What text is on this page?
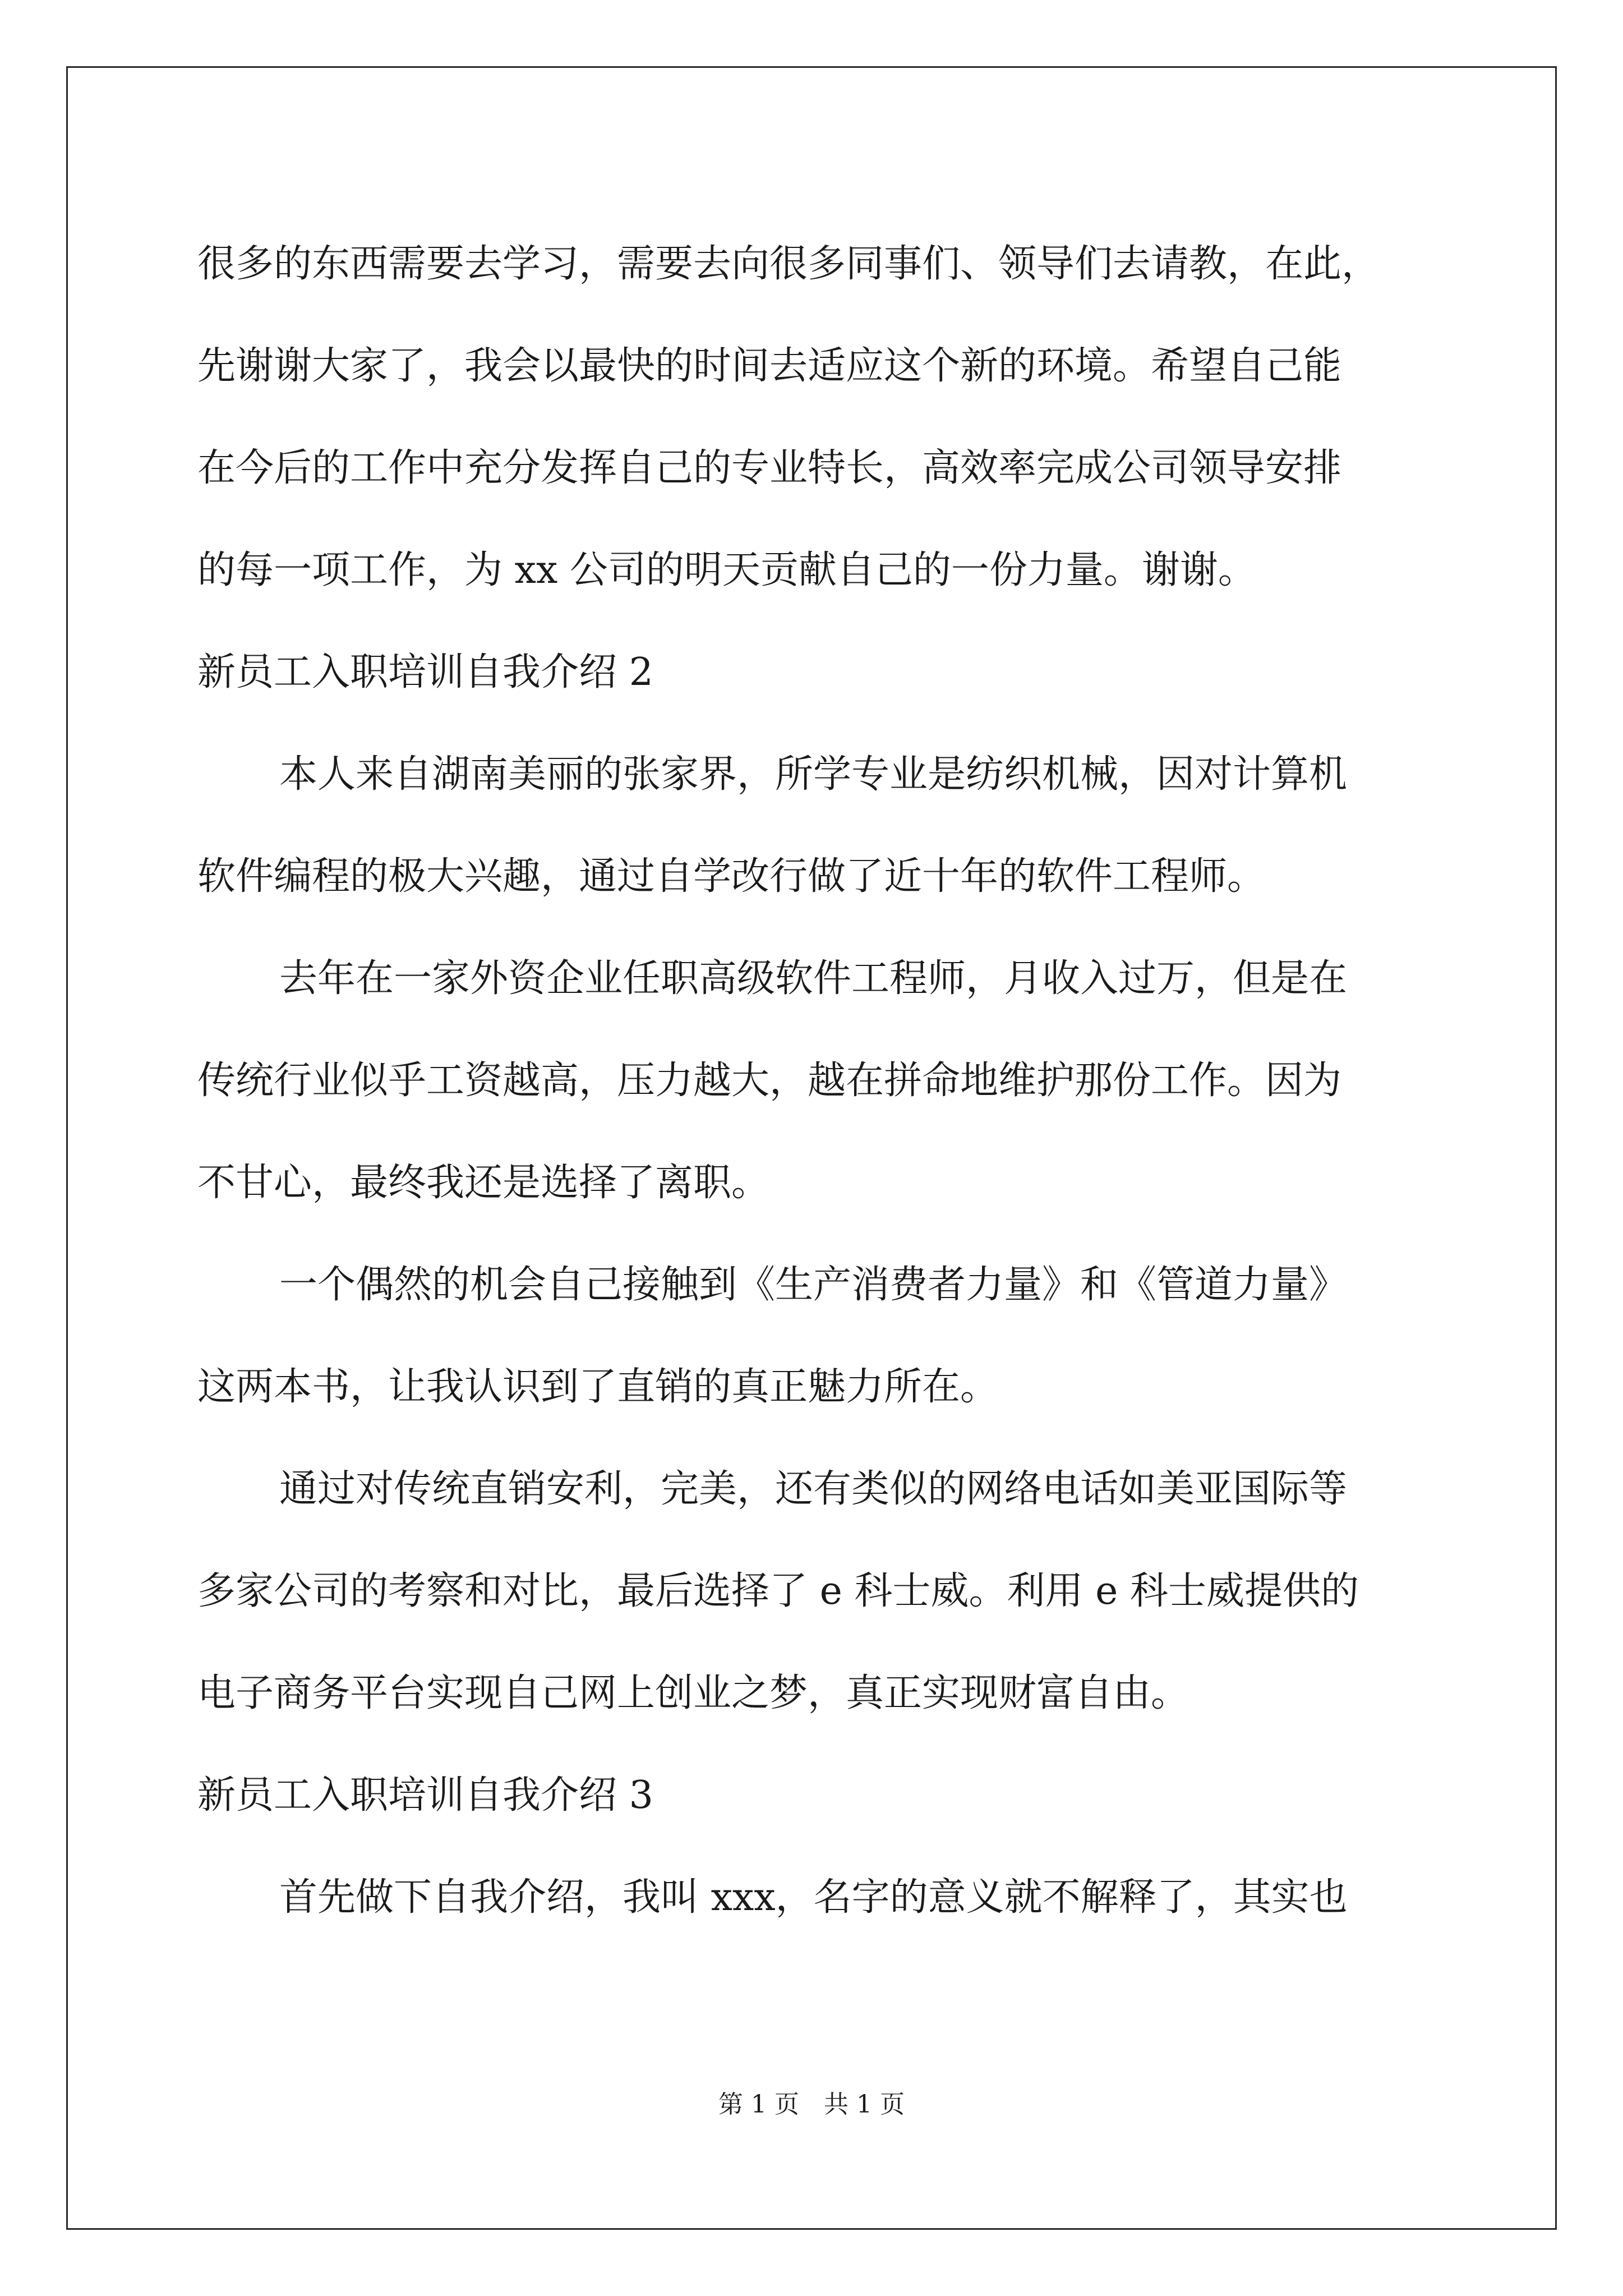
很多的东西需要去学习，需要去向很多同事们、领导们去请教，在此，
先谢谢大家了，我会以最快的时间去适应这个新的环境。希望自己能
在今后的工作中充分发挥自己的专业特长，高效率完成公司领导安排
的每一项工作，为 xx 公司的明天贡献自己的一份力量。谢谢。
新员工入职培训自我介绍 2
本人来自湖南美丽的张家界，所学专业是纺织机械，因对计算机
软件编程的极大兴趣，通过自学改行做了近十年的软件工程师。
去年在一家外资企业任职高级软件工程师，月收入过万，但是在
传统行业似乎工资越高，压力越大，越在拼命地维护那份工作。因为
不甘心，最终我还是选择了离职。
一个偶然的机会自己接触到《生产消费者力量》和《管道力量》
这两本书，让我认识到了直销的真正魅力所在。
通过对传统直销安利，完美，还有类似的网络电话如美亚国际等
多家公司的考察和对比，最后选择了 e 科士威。利用 e 科士威提供的
电子商务平台实现自己网上创业之梦，真正实现财富自由。
新员工入职培训自我介绍 3
首先做下自我介绍，我叫 xxx，名字的意义就不解释了，其实也
第 1 页　共 1 页
